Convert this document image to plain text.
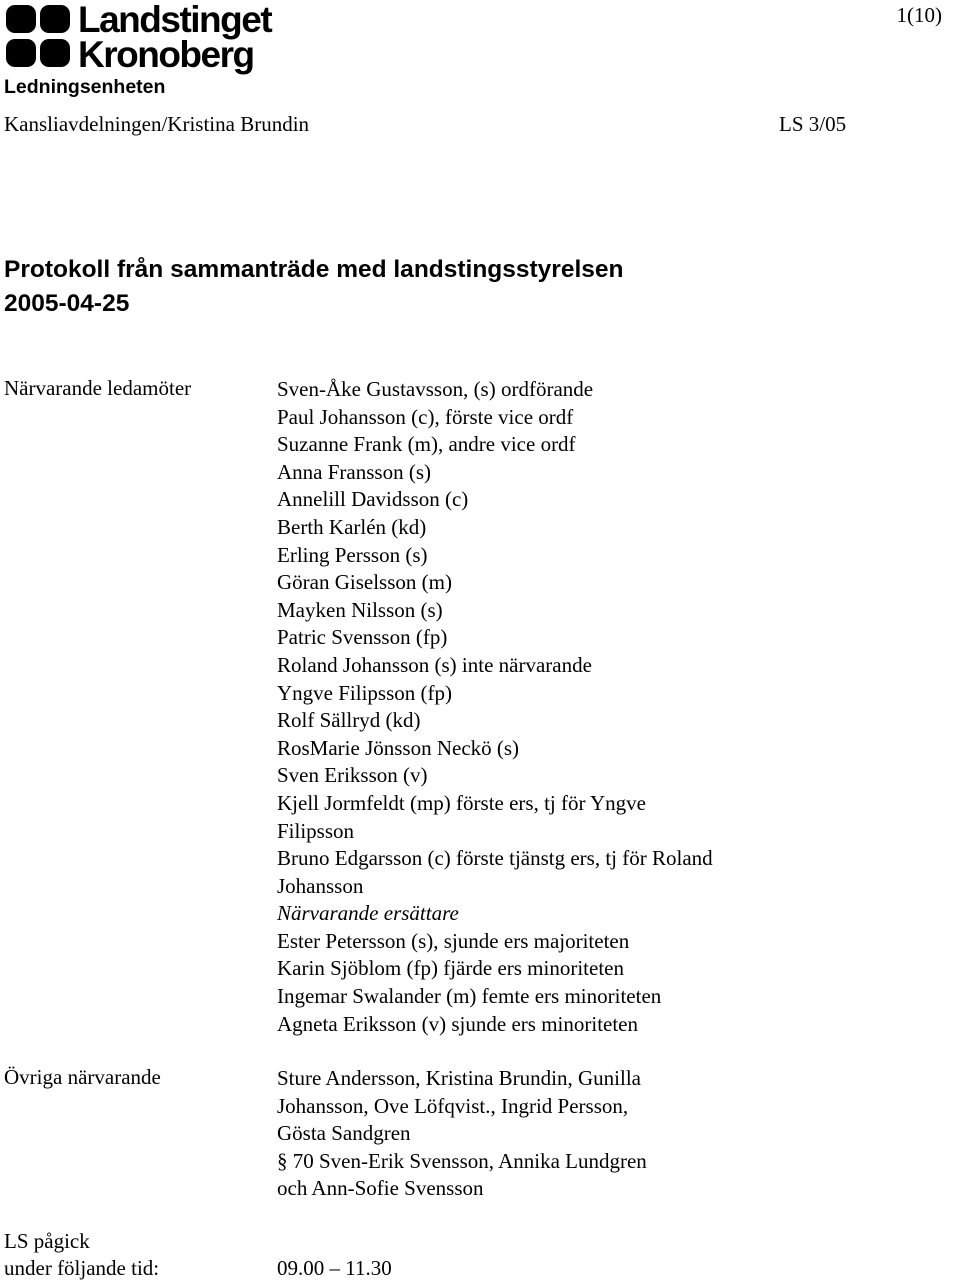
Landstinget
Kronoberg
1(10)
Ledningsenheten
Kansliavdelningen/Kristina Brundin	LS 3/05
Protokoll från sammanträde med landstingsstyrelsen
2005-04-25
Närvarande ledamöter	Sven-Åke Gustavsson, (s) ordförande
Paul Johansson (c), förste vice ordf
Suzanne Frank (m), andre vice ordf
Anna Fransson (s)
Annelill Davidsson (c)
Berth Karlén (kd)
Erling Persson (s)
Göran Giselsson (m)
Mayken Nilsson (s)
Patric Svensson (fp)
Roland Johansson (s) inte närvarande
Yngve Filipsson (fp)
Rolf Sällryd (kd)
RosMarie Jönsson Neckö (s)
Sven Eriksson (v)
Kjell Jormfeldt (mp) förste ers, tj för Yngve
Filipsson
Bruno Edgarsson (c) förste tjänstg ers, tj för Roland
Johansson
Närvarande ersättare
Ester Petersson (s), sjunde ers majoriteten
Karin Sjöblom (fp) fjärde ers minoriteten
Ingemar Swalander (m) femte ers minoriteten
Agneta Eriksson (v) sjunde ers minoriteten
Övriga närvarande	Sture Andersson, Kristina Brundin, Gunilla
Johansson, Ove Löfqvist., Ingrid Persson,
Gösta Sandgren
§ 70 Sven-Erik Svensson, Annika Lundgren
och Ann-Sofie Svensson
LS pågick
under följande tid:	09.00 – 11.30
